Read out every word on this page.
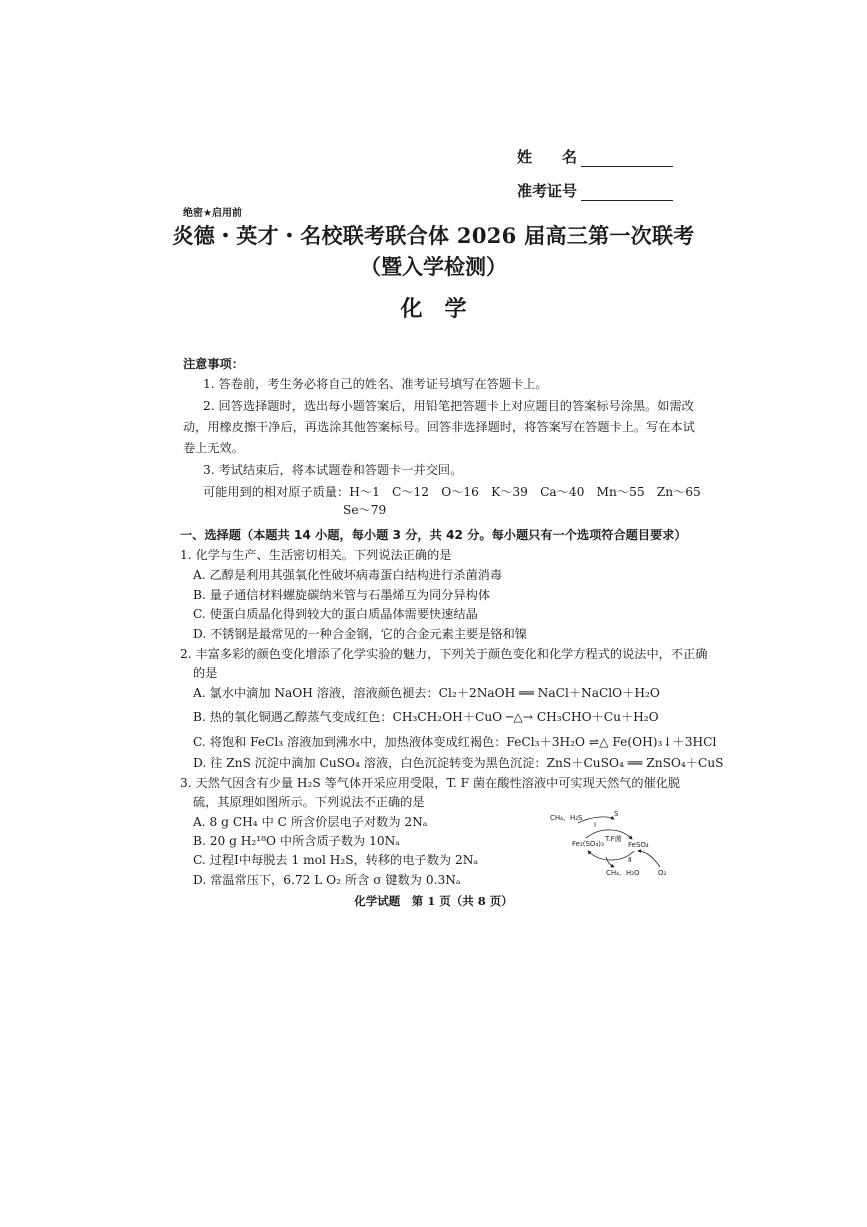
姓　　名
准考证号
绝密★启用前
炎德・英才・名校联考联合体 2026 届高三第一次联考
（暨入学检测）
化　学
注意事项：
1. 答卷前，考生务必将自己的姓名、准考证号填写在答题卡上。
2. 回答选择题时，选出每小题答案后，用铅笔把答题卡上对应题目的答案标号涂黑。如需改
动，用橡皮擦干净后，再选涂其他答案标号。回答非选择题时，将答案写在答题卡上。写在本试
卷上无效。
3. 考试结束后，将本试题卷和答题卡一并交回。
可能用到的相对原子质量：H～1　C～12　O～16　K～39　Ca～40　Mn～55　Zn～65
Se～79
一、选择题（本题共 14 小题，每小题 3 分，共 42 分。每小题只有一个选项符合题目要求）
1. 化学与生产、生活密切相关。下列说法正确的是
A. 乙醇是利用其强氧化性破坏病毒蛋白结构进行杀菌消毒
B. 量子通信材料螺旋碳纳米管与石墨烯互为同分异构体
C. 使蛋白质晶化得到较大的蛋白质晶体需要快速结晶
D. 不锈钢是最常见的一种合金钢，它的合金元素主要是铬和镍
2. 丰富多彩的颜色变化增添了化学实验的魅力，下列关于颜色变化和化学方程式的说法中，不正确
的是
A. 氯水中滴加 NaOH 溶液，溶液颜色褪去：Cl₂＋2NaOH ══ NaCl＋NaClO＋H₂O
B. 热的氧化铜遇乙醇蒸气变成红色：CH₃CH₂OH＋CuO ─△→ CH₃CHO＋Cu＋H₂O
C. 将饱和 FeCl₃ 溶液加到沸水中，加热液体变成红褐色：FeCl₃＋3H₂O ⇌△ Fe(OH)₃↓＋3HCl
D. 往 ZnS 沉淀中滴加 CuSO₄ 溶液，白色沉淀转变为黑色沉淀：ZnS＋CuSO₄ ══ ZnSO₄＋CuS
3. 天然气因含有少量 H₂S 等气体开采应用受限，T. F 菌在酸性溶液中可实现天然气的催化脱
硫，其原理如图所示。下列说法不正确的是
A. 8 g CH₄ 中 C 所含价层电子对数为 2Nₐ
B. 20 g H₂¹⁸O 中所含质子数为 10Nₐ
C. 过程Ⅰ中每脱去 1 mol H₂S，转移的电子数为 2Nₐ
D. 常温常压下，6.72 L O₂ 所含 σ 键数为 0.3Nₐ
CH₄、H₂S	S
Ⅰ
Fe₂(SO₄)₃
T.F菌
FeSO₄
Ⅱ
CH₄、H₂O	O₂
化学试题　第 1 页（共 8 页）
